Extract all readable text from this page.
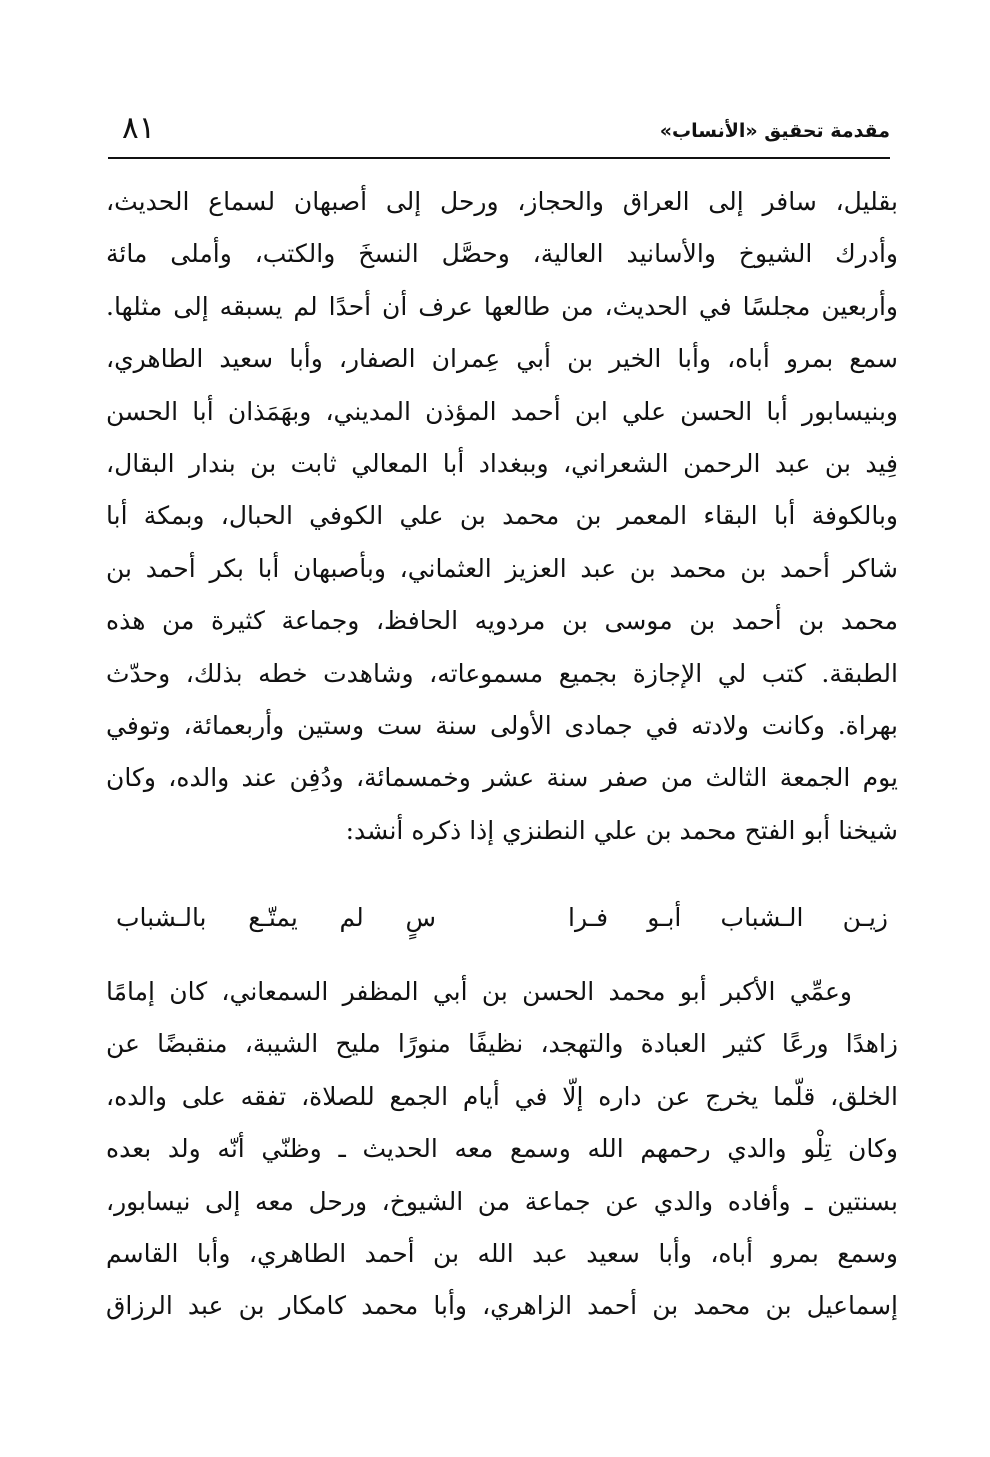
مقدمة تحقيق «الأنساب»
٨١
بقليل، سافر إلى العراق والحجاز، ورحل إلى أصبهان لسماع الحديث،
وأدرك الشيوخ والأسانيد العالية، وحصَّل النسخَ والكتب، وأملى مائة
وأربعين مجلسًا في الحديث، من طالعها عرف أن أحدًا لم يسبقه إلى مثلها.
سمع بمرو أباه، وأبا الخير بن أبي عِمران الصفار، وأبا سعيد الطاهري،
وبنيسابور أبا الحسن علي ابن أحمد المؤذن المديني، وبهَمَذان أبا الحسن
فِيد بن عبد الرحمن الشعراني، وببغداد أبا المعالي ثابت بن بندار البقال،
وبالكوفة أبا البقاء المعمر بن محمد بن علي الكوفي الحبال، وبمكة أبا
شاكر أحمد بن محمد بن عبد العزيز العثماني، وبأصبهان أبا بكر أحمد بن
محمد بن أحمد بن موسى بن مردويه الحافظ، وجماعة كثيرة من هذه
الطبقة. كتب لي الإجازة بجميع مسموعاته، وشاهدت خطه بذلك، وحدّث
بهراة. وكانت ولادته في جمادى الأولى سنة ست وستين وأربعمائة، وتوفي
يوم الجمعة الثالث من صفر سنة عشر وخمسمائة، ودُفِن عند والده، وكان
شيخنا أبو الفتح محمد بن علي النطنزي إذا ذكره أنشد:
زيـن الـشباب أبـو فـرا
سٍ لم يمتّـع بالـشباب
وعمِّي الأكبر أبو محمد الحسن بن أبي المظفر السمعاني، كان إمامًا
زاهدًا ورعًا كثير العبادة والتهجد، نظيفًا منورًا مليح الشيبة، منقبضًا عن
الخلق، قلّما يخرج عن داره إلّا في أيام الجمع للصلاة، تفقه على والده،
وكان تِلْو والدي رحمهم الله وسمع معه الحديث ـ وظنّي أنّه ولد بعده
بسنتين ـ وأفاده والدي عن جماعة من الشيوخ، ورحل معه إلى نيسابور،
وسمع بمرو أباه، وأبا سعيد عبد الله بن أحمد الطاهري، وأبا القاسم
إسماعيل بن محمد بن أحمد الزاهري، وأبا محمد كامكار بن عبد الرزاق
